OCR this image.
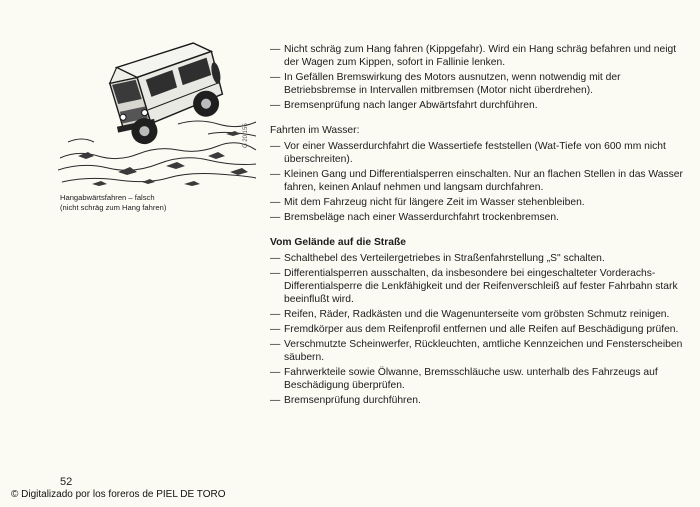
G 20 155
Hangabwärtsfahren – falsch
(nicht schräg zum Hang fahren)
52
© Digitalizado por los foreros de PIEL DE TORO
— Nicht schräg zum Hang fahren (Kippgefahr). Wird ein Hang schräg befahren und neigt der Wagen zum Kippen, sofort in Fallinie lenken.
— In Gefällen Bremswirkung des Motors ausnutzen, wenn notwendig mit der Betriebsbremse in Intervallen mitbremsen (Motor nicht überdrehen).
— Bremsenprüfung nach langer Abwärtsfahrt durchführen.
Fahrten im Wasser:
— Vor einer Wasserdurchfahrt die Wassertiefe feststellen (Wat-Tiefe von 600 mm nicht überschreiten).
— Kleinen Gang und Differentialsperren einschalten. Nur an flachen Stellen in das Wasser fahren, keinen Anlauf nehmen und langsam durchfahren.
— Mit dem Fahrzeug nicht für längere Zeit im Wasser stehenbleiben.
— Bremsbeläge nach einer Wasserdurchfahrt trockenbremsen.
Vom Gelände auf die Straße
— Schalthebel des Verteilergetriebes in Straßenfahrstellung „S" schalten.
— Differentialsperren ausschalten, da insbesondere bei eingeschalteter Vorderachs-Differentialsperre die Lenkfähigkeit und der Reifenverschleiß auf fester Fahrbahn stark beeinflußt wird.
— Reifen, Räder, Radkästen und die Wagenunterseite vom gröbsten Schmutz reinigen.
— Fremdkörper aus dem Reifenprofil entfernen und alle Reifen auf Beschädigung prüfen.
— Verschmutzte Scheinwerfer, Rückleuchten, amtliche Kennzeichen und Fensterscheiben säubern.
— Fahrwerkteile sowie Ölwanne, Bremsschläuche usw. unterhalb des Fahrzeugs auf Beschädigung überprüfen.
— Bremsenprüfung durchführen.
